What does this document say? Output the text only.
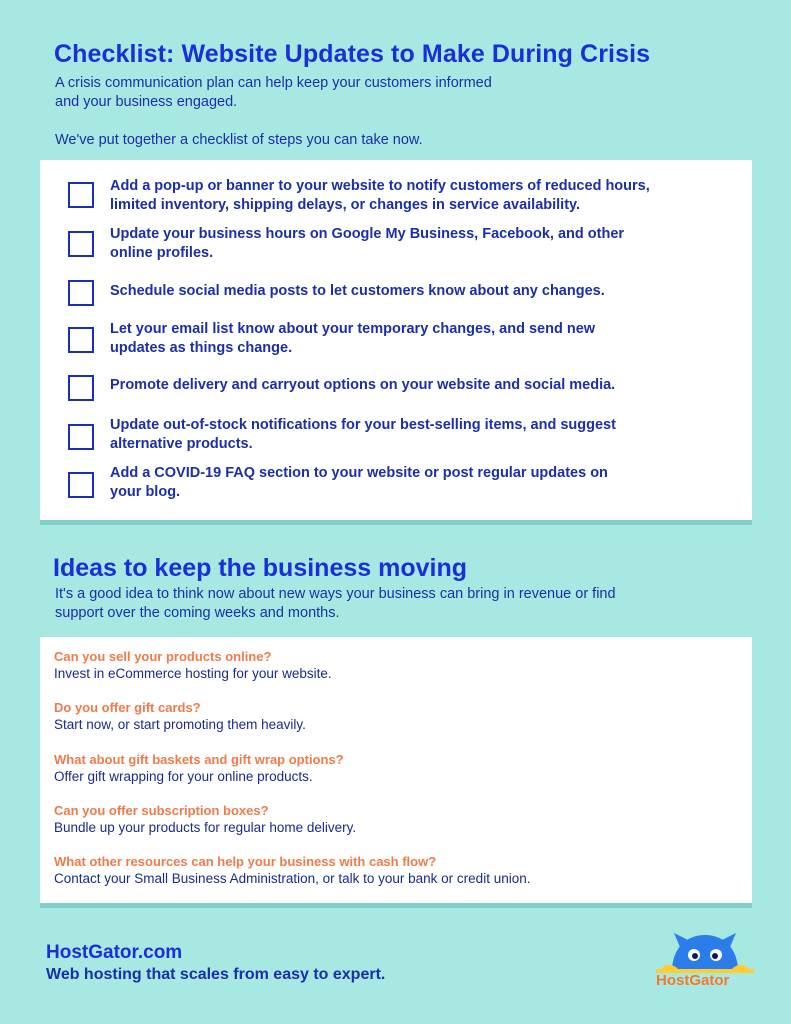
Checklist: Website Updates to Make During Crisis

A crisis communication plan can help keep your customers informed

and your business engaged.

We've put together a checklist of steps you can take now.

Add a pop-up or banner to your website to notify customers of reduced hours,
limited inventory, shipping delays, or changes in service availability.
Update your business hours on Google My Business, Facebook, and other
online profiles.
Schedule social media posts to let customers know about any changes.
Let your email list know about your temporary changes, and send new
updates as things change.
Promote delivery and carryout options on your website and social media.
Update out-of-stock notifications for your best-selling items, and suggest
alternative products.
Add a COVID-19 FAQ section to your website or post regular updates on
your blog.
Ideas to keep the business moving
It's a good idea to think now about new ways your business can bring in revenue or find
support over the coming weeks and months.
Can you sell your products online?
Invest in eCommerce hosting for your website.
Do you offer gift cards?
Start now, or start promoting them heavily.
What about gift baskets and gift wrap options?
Offer gift wrapping for your online products.
Can you offer subscription boxes?
Bundle up your products for regular home delivery.
What other resources can help your business with cash flow?
Contact your Small Business Administration, or talk to your bank or credit union.
HostGator.com
Web hosting that scales from easy to expert.	HostGator
